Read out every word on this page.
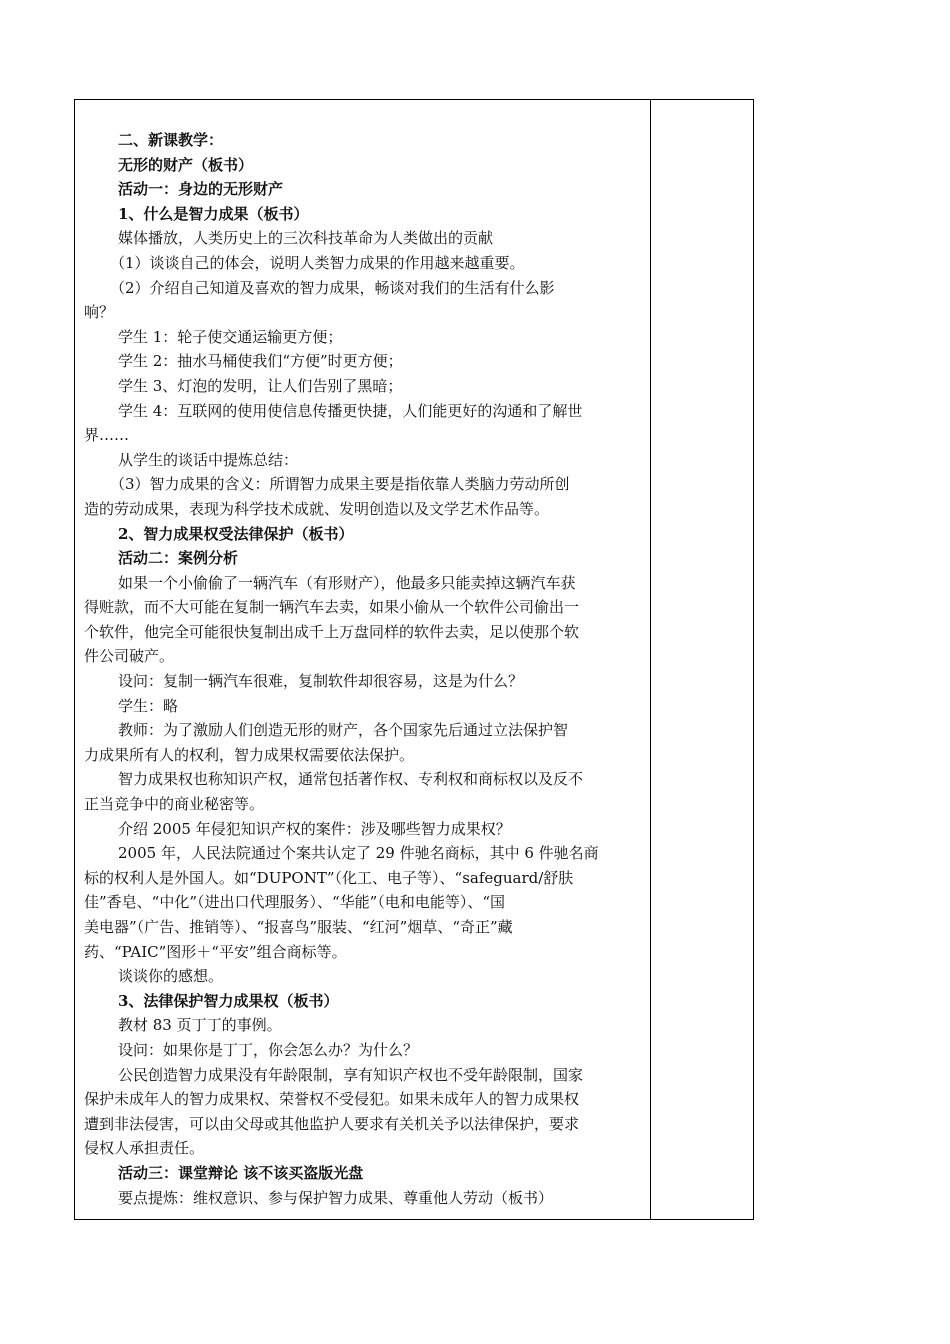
二、新课教学：
无形的财产（板书）
活动一：身边的无形财产
1、什么是智力成果（板书）
媒体播放，人类历史上的三次科技革命为人类做出的贡献
（1）谈谈自己的体会，说明人类智力成果的作用越来越重要。
（2）介绍自己知道及喜欢的智力成果，畅谈对我们的生活有什么影
响？
学生 1：轮子使交通运输更方便；
学生 2：抽水马桶使我们“方便”时更方便；
学生 3、灯泡的发明，让人们告别了黑暗；
学生 4：互联网的使用使信息传播更快捷，人们能更好的沟通和了解世
界……
从学生的谈话中提炼总结：
（3）智力成果的含义：所谓智力成果主要是指依靠人类脑力劳动所创
造的劳动成果，表现为科学技术成就、发明创造以及文学艺术作品等。
2、智力成果权受法律保护（板书）
活动二：案例分析
如果一个小偷偷了一辆汽车（有形财产），他最多只能卖掉这辆汽车获
得赃款，而不大可能在复制一辆汽车去卖，如果小偷从一个软件公司偷出一
个软件，他完全可能很快复制出成千上万盘同样的软件去卖，足以使那个软
件公司破产。
设问：复制一辆汽车很难，复制软件却很容易，这是为什么？
学生：略
教师：为了激励人们创造无形的财产，各个国家先后通过立法保护智
力成果所有人的权利，智力成果权需要依法保护。
智力成果权也称知识产权，通常包括著作权、专利权和商标权以及反不
正当竞争中的商业秘密等。
介绍 2005 年侵犯知识产权的案件：涉及哪些智力成果权？
2005 年，人民法院通过个案共认定了 29 件驰名商标，其中 6 件驰名商
标的权利人是外国人。如“DUPONT”（化工、电子等）、“safeguard/舒肤
佳”香皂、“中化”（进出口代理服务）、“华能”（电和电能等）、“国
美电器”（广告、推销等）、“报喜鸟”服装、“红河”烟草、“奇正”藏
药、“PAIC”图形＋“平安”组合商标等。
谈谈你的感想。
3、法律保护智力成果权（板书）
教材 83 页丁丁的事例。
设问：如果你是丁丁，你会怎么办？为什么？
公民创造智力成果没有年龄限制，享有知识产权也不受年龄限制，国家
保护未成年人的智力成果权、荣誉权不受侵犯。如果未成年人的智力成果权
遭到非法侵害，可以由父母或其他监护人要求有关机关予以法律保护，要求
侵权人承担责任。
活动三：课堂辩论 该不该买盗版光盘
要点提炼：维权意识、参与保护智力成果、尊重他人劳动（板书）
